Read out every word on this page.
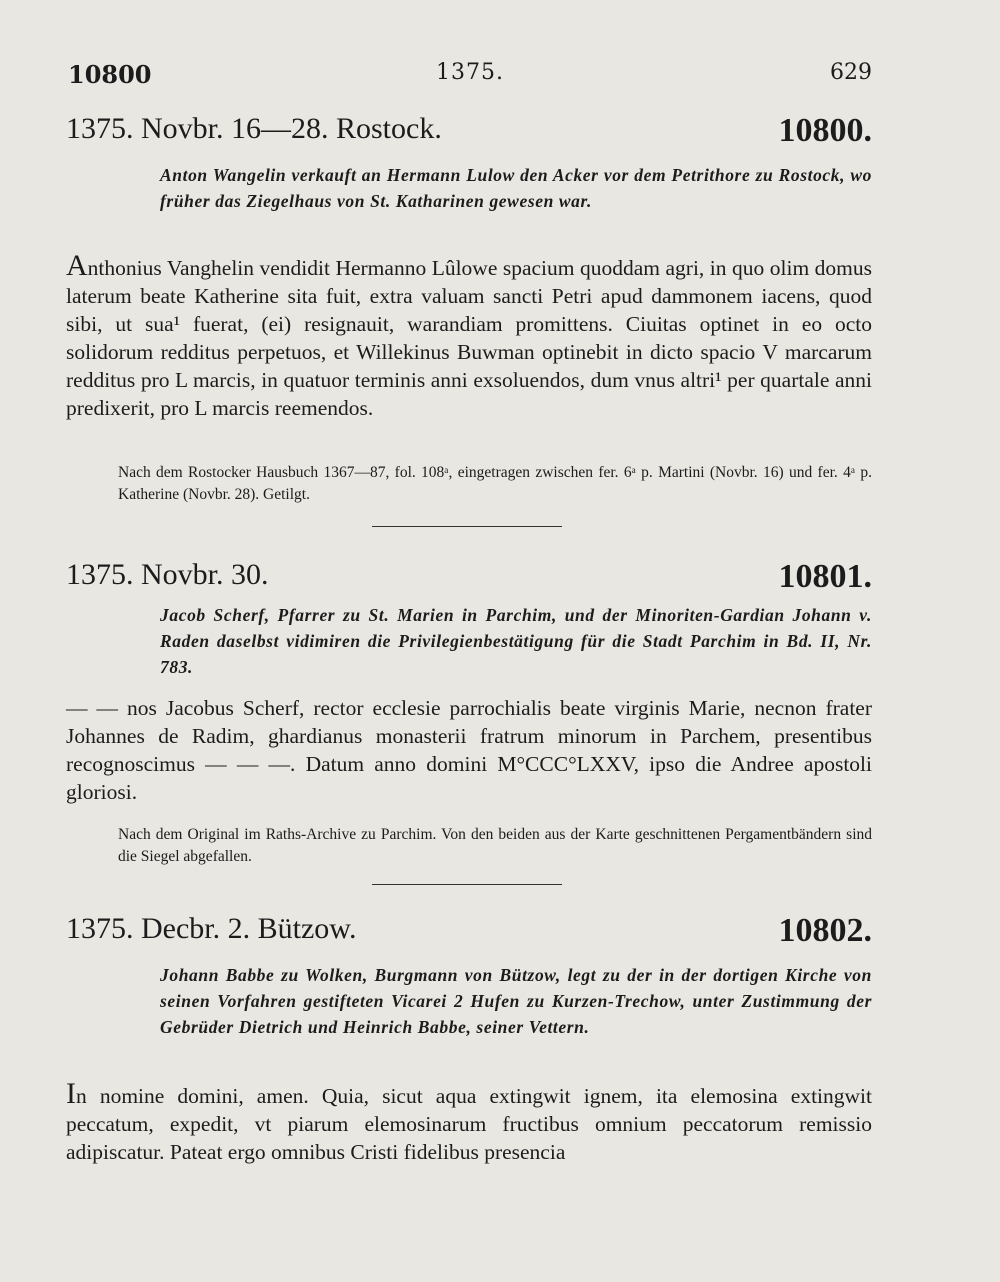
10800	1375.	629
1375. Novbr. 16—28. Rostock.	10800.
Anton Wangelin verkauft an Hermann Lulow den Acker vor dem Petrithore zu Rostock, wo früher das Ziegelhaus von St. Katharinen gewesen war.
Anthonius Vanghelin vendidit Hermanno Lûlowe spacium quoddam agri, in quo olim domus laterum beate Katherine sita fuit, extra valuam sancti Petri apud dammonem iacens, quod sibi, ut sua¹ fuerat, (ei) resignauit, warandiam promittens. Ciuitas optinet in eo octo solidorum redditus perpetuos, et Willekinus Buwman optinebit in dicto spacio V marcarum redditus pro L marcis, in quatuor terminis anni exsoluendos, dum vnus altri¹ per quartale anni predixerit, pro L marcis reemendos.
Nach dem Rostocker Hausbuch 1367—87, fol. 108ᵃ, eingetragen zwischen fer. 6ᵃ p. Martini (Novbr. 16) und fer. 4ᵃ p. Katherine (Novbr. 28). Getilgt.
1375. Novbr. 30.	10801.
Jacob Scherf, Pfarrer zu St. Marien in Parchim, und der Minoriten-Gardian Johann v. Raden daselbst vidimiren die Privilegienbestätigung für die Stadt Parchim in Bd. II, Nr. 783.
— — nos Jacobus Scherf, rector ecclesie parrochialis beate virginis Marie, necnon frater Johannes de Radim, ghardianus monasterii fratrum minorum in Parchem, presentibus recognoscimus — — —. Datum anno domini M°CCC°LXXV, ipso die Andree apostoli gloriosi.
Nach dem Original im Raths-Archive zu Parchim. Von den beiden aus der Karte geschnittenen Pergamentbändern sind die Siegel abgefallen.
1375. Decbr. 2. Bützow.	10802.
Johann Babbe zu Wolken, Burgmann von Bützow, legt zu der in der dortigen Kirche von seinen Vorfahren gestifteten Vicarei 2 Hufen zu Kurzen-Trechow, unter Zustimmung der Gebrüder Dietrich und Heinrich Babbe, seiner Vettern.
In nomine domini, amen. Quia, sicut aqua extingwit ignem, ita elemosina extingwit peccatum, expedit, vt piarum elemosinarum fructibus omnium peccatorum remissio adipiscatur. Pateat ergo omnibus Cristi fidelibus presencia
